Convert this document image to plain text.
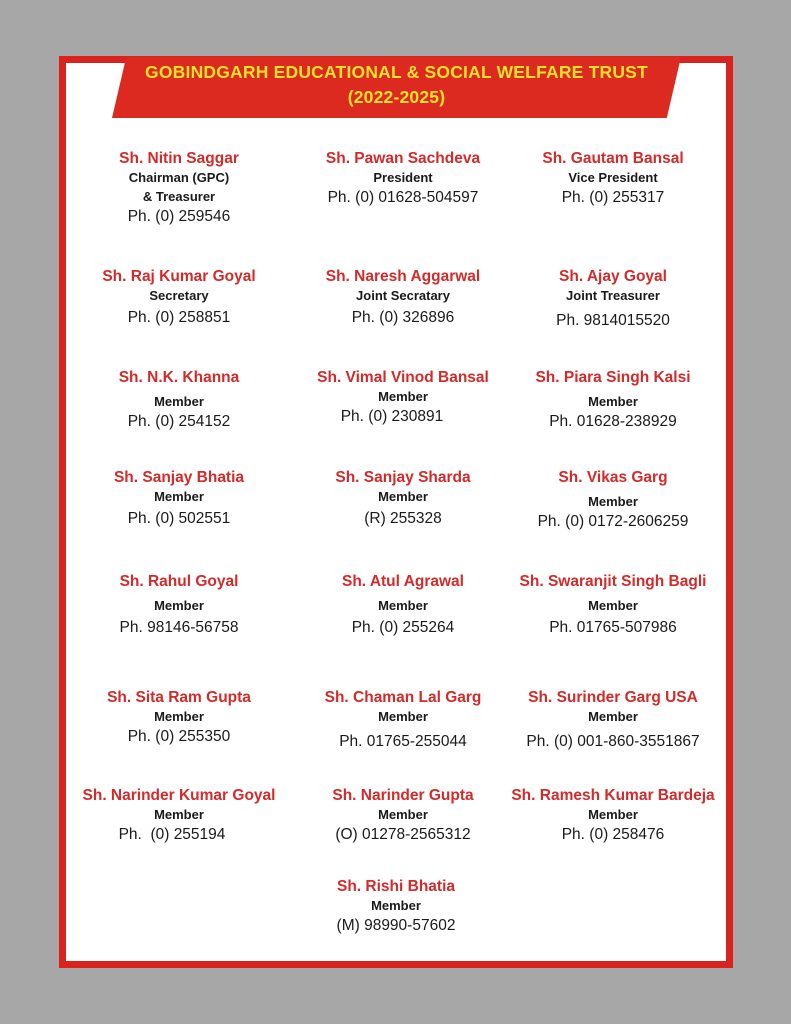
GOBINDGARH EDUCATIONAL & SOCIAL WELFARE TRUST
(2022-2025)
Sh. Nitin Saggar
Chairman (GPC)
& Treasurer
Ph. (0) 259546
Sh. Pawan Sachdeva
President
Ph. (0) 01628-504597
Sh. Gautam Bansal
Vice President
Ph. (0) 255317
Sh. Raj Kumar Goyal
Secretary
Ph. (0) 258851
Sh. Naresh Aggarwal
Joint Secratary
Ph. (0) 326896
Sh. Ajay Goyal
Joint Treasurer
Ph. 9814015520
Sh. N.K. Khanna
Member
Ph. (0) 254152
Sh. Vimal Vinod Bansal
Member
Ph. (0) 230891
Sh. Piara Singh Kalsi
Member
Ph. 01628-238929
Sh. Sanjay Bhatia
Member
Ph. (0) 502551
Sh. Sanjay Sharda
Member
(R) 255328
Sh. Vikas Garg
Member
Ph. (0) 0172-2606259
Sh. Rahul Goyal
Member
Ph. 98146-56758
Sh. Atul Agrawal
Member
Ph. (0) 255264
Sh. Swaranjit Singh Bagli
Member
Ph. 01765-507986
Sh. Sita Ram Gupta
Member
Ph. (0) 255350
Sh. Chaman Lal Garg
Member
Ph. 01765-255044
Sh. Surinder Garg USA
Member
Ph. (0) 001-860-3551867
Sh. Narinder Kumar Goyal
Member
Ph.  (0) 255194
Sh. Narinder Gupta
Member
(O) 01278-2565312
Sh. Ramesh Kumar Bardeja
Member
Ph. (0) 258476
Sh. Rishi Bhatia
Member
(M) 98990-57602
